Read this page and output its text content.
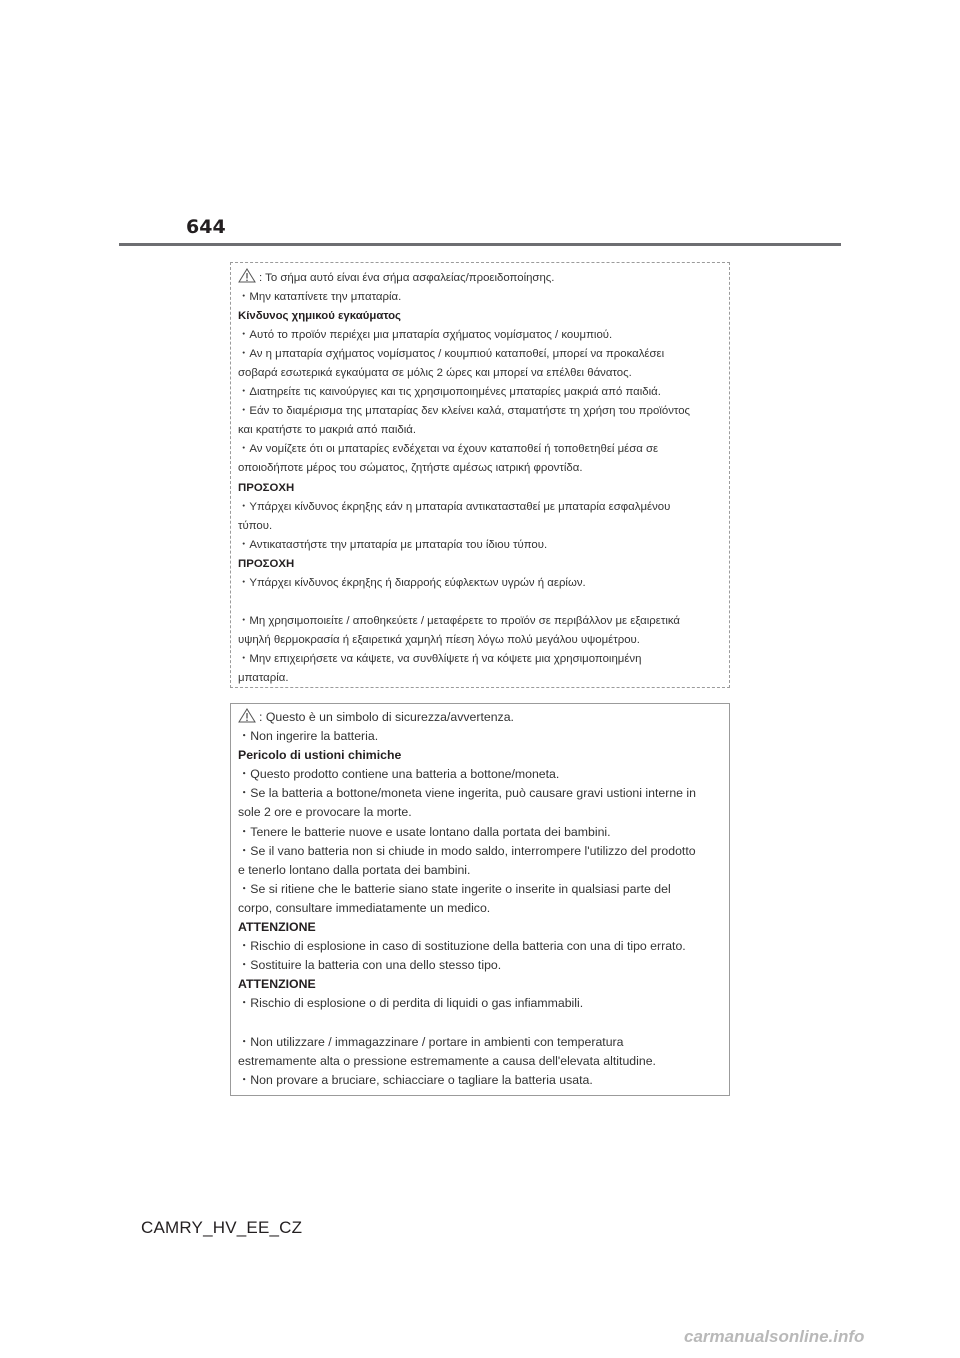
644
: Το σήμα αυτό είναι ένα σήμα ασφαλείας/προειδοποίησης.
・Μην καταπίνετε την μπαταρία.
Κίνδυνος χημικού εγκαύματος
・Αυτό το προϊόν περιέχει μια μπαταρία σχήματος νομίσματος / κουμπιού.
・Αν η μπαταρία σχήματος νομίσματος / κουμπιού καταποθεί, μπορεί να προκαλέσει
σοβαρά εσωτερικά εγκαύματα σε μόλις 2 ώρες και μπορεί να επέλθει θάνατος.
・Διατηρείτε τις καινούργιες και τις χρησιμοποιημένες μπαταρίες μακριά από παιδιά.
・Εάν το διαμέρισμα της μπαταρίας δεν κλείνει καλά, σταματήστε τη χρήση του προϊόντος
και κρατήστε το μακριά από παιδιά.
・Αν νομίζετε ότι οι μπαταρίες ενδέχεται να έχουν καταποθεί ή τοποθετηθεί μέσα σε
οποιοδήποτε μέρος του σώματος, ζητήστε αμέσως ιατρική φροντίδα.
ΠΡΟΣΟΧΗ
・Υπάρχει κίνδυνος έκρηξης εάν η μπαταρία αντικατασταθεί με μπαταρία εσφαλμένου
τύπου.
・Αντικαταστήστε την μπαταρία με μπαταρία του ίδιου τύπου.
ΠΡΟΣΟΧΗ
・Υπάρχει κίνδυνος έκρηξης ή διαρροής εύφλεκτων υγρών ή αερίων.
・Μη χρησιμοποιείτε / αποθηκεύετε / μεταφέρετε το προϊόν σε περιβάλλον με εξαιρετικά
υψηλή θερμοκρασία ή εξαιρετικά χαμηλή πίεση λόγω πολύ μεγάλου υψομέτρου.
・Μην επιχειρήσετε να κάψετε, να συνθλίψετε ή να κόψετε μια χρησιμοποιημένη
μπαταρία.
: Questo è un simbolo di sicurezza/avvertenza.
・Non ingerire la batteria.
Pericolo di ustioni chimiche
・Questo prodotto contiene una batteria a bottone/moneta.
・Se la batteria a bottone/moneta viene ingerita, può causare gravi ustioni interne in
sole 2 ore e provocare la morte.
・Tenere le batterie nuove e usate lontano dalla portata dei bambini.
・Se il vano batteria non si chiude in modo saldo, interrompere l'utilizzo del prodotto
e tenerlo lontano dalla portata dei bambini.
・Se si ritiene che le batterie siano state ingerite o inserite in qualsiasi parte del
corpo, consultare immediatamente un medico.
ATTENZIONE
・Rischio di esplosione in caso di sostituzione della batteria con una di tipo errato.
・Sostituire la batteria con una dello stesso tipo.
ATTENZIONE
・Rischio di esplosione o di perdita di liquidi o gas infiammabili.
・Non utilizzare / immagazzinare / portare in ambienti con temperatura
estremamente alta o pressione estremamente a causa dell'elevata altitudine.
・Non provare a bruciare, schiacciare o tagliare la batteria usata.
CAMRY_HV_EE_CZ
carmanualsonline.info
